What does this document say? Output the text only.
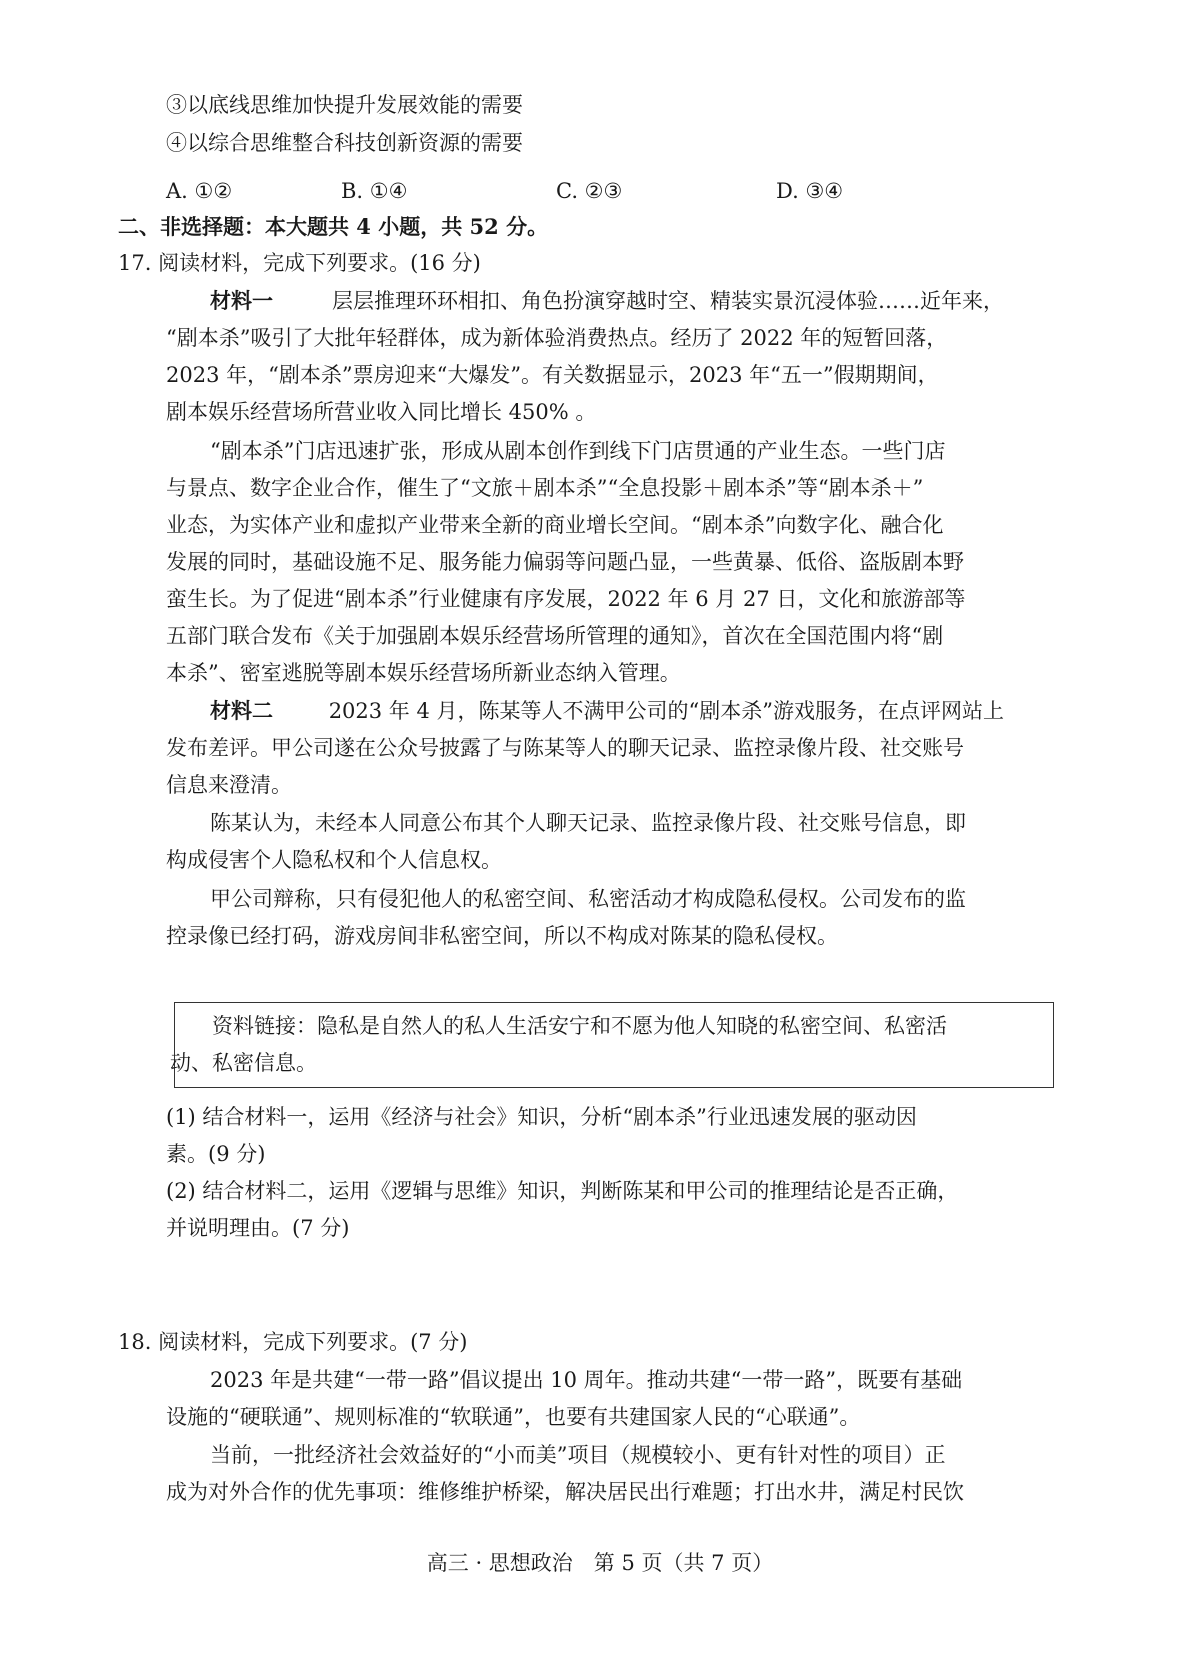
③以底线思维加快提升发展效能的需要
④以综合思维整合科技创新资源的需要
A. ①②	B. ①④	C. ②③	D. ③④
二、非选择题：本大题共 4 小题，共 52 分。
17. 阅读材料，完成下列要求。(16 分)
材料一	层层推理环环相扣、角色扮演穿越时空、精装实景沉浸体验……近年来，
“剧本杀”吸引了大批年轻群体，成为新体验消费热点。经历了 2022 年的短暂回落，
2023 年，“剧本杀”票房迎来“大爆发”。有关数据显示，2023 年“五一”假期期间，
剧本娱乐经营场所营业收入同比增长 450% 。
“剧本杀”门店迅速扩张，形成从剧本创作到线下门店贯通的产业生态。一些门店
与景点、数字企业合作，催生了“文旅＋剧本杀”“全息投影＋剧本杀”等“剧本杀＋”
业态，为实体产业和虚拟产业带来全新的商业增长空间。“剧本杀”向数字化、融合化
发展的同时，基础设施不足、服务能力偏弱等问题凸显，一些黄暴、低俗、盗版剧本野
蛮生长。为了促进“剧本杀”行业健康有序发展，2022 年 6 月 27 日，文化和旅游部等
五部门联合发布《关于加强剧本娱乐经营场所管理的通知》，首次在全国范围内将“剧
本杀”、密室逃脱等剧本娱乐经营场所新业态纳入管理。
材料二	2023 年 4 月，陈某等人不满甲公司的“剧本杀”游戏服务，在点评网站上
发布差评。甲公司遂在公众号披露了与陈某等人的聊天记录、监控录像片段、社交账号
信息来澄清。
陈某认为，未经本人同意公布其个人聊天记录、监控录像片段、社交账号信息，即
构成侵害个人隐私权和个人信息权。
甲公司辩称，只有侵犯他人的私密空间、私密活动才构成隐私侵权。公司发布的监
控录像已经打码，游戏房间非私密空间，所以不构成对陈某的隐私侵权。
资料链接：隐私是自然人的私人生活安宁和不愿为他人知晓的私密空间、私密活
动、私密信息。
(1) 结合材料一，运用《经济与社会》知识，分析“剧本杀”行业迅速发展的驱动因
素。(9 分)
(2) 结合材料二，运用《逻辑与思维》知识，判断陈某和甲公司的推理结论是否正确，
并说明理由。(7 分)
18. 阅读材料，完成下列要求。(7 分)
2023 年是共建“一带一路”倡议提出 10 周年。推动共建“一带一路”，既要有基础
设施的“硬联通”、规则标准的“软联通”，也要有共建国家人民的“心联通”。
当前，一批经济社会效益好的“小而美”项目（规模较小、更有针对性的项目）正
成为对外合作的优先事项：维修维护桥梁，解决居民出行难题；打出水井，满足村民饮
高三 · 思想政治　第 5 页（共 7 页）
